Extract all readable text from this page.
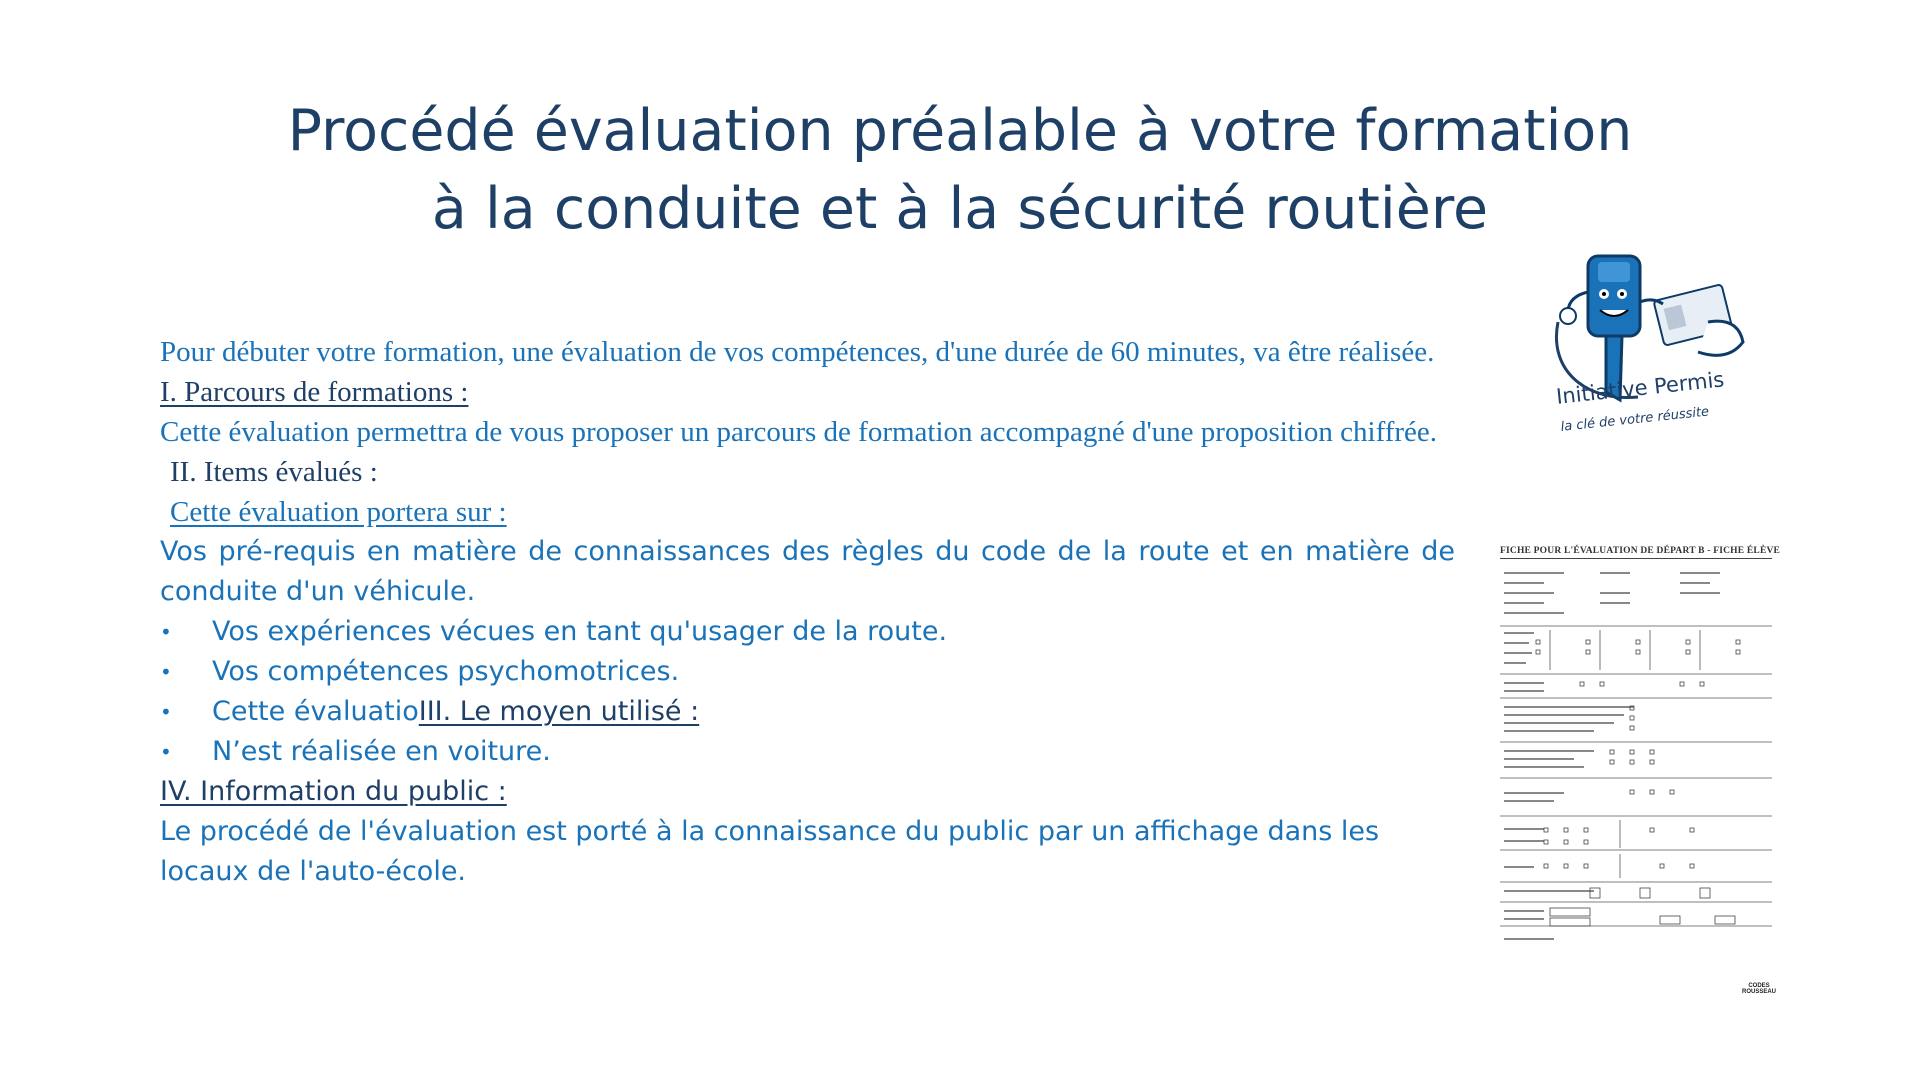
Procédé évaluation préalable à votre formation
à la conduite et à la sécurité routière

Pour débuter votre formation, une évaluation de vos compétences, d'une durée de 60 minutes, va être réalisée.

I. Parcours de formations :

Cette évaluation permettra de vous proposer un parcours de formation accompagné d'une proposition chiffrée.

II. Items évalués :

Cette évaluation portera sur :

Vos pré-requis en matière de connaissances des règles du code de la route et en matière de conduite d'un véhicule.

• Vos expériences vécues en tant qu'usager de la route.
• Vos compétences psychomotrices.
• Cette évaluatioIII. Le moyen utilisé :
• N’est réalisée en voiture.

IV. Information du public :

Le procédé de l'évaluation est porté à la connaissance du public par un affichage dans les locaux de l'auto-école.

Initiative Permis
la clé de votre réussite
FICHE POUR L'ÉVALUATION DE DÉPART B - FICHE ÉLÈVE
CODES ROUSSEAU
